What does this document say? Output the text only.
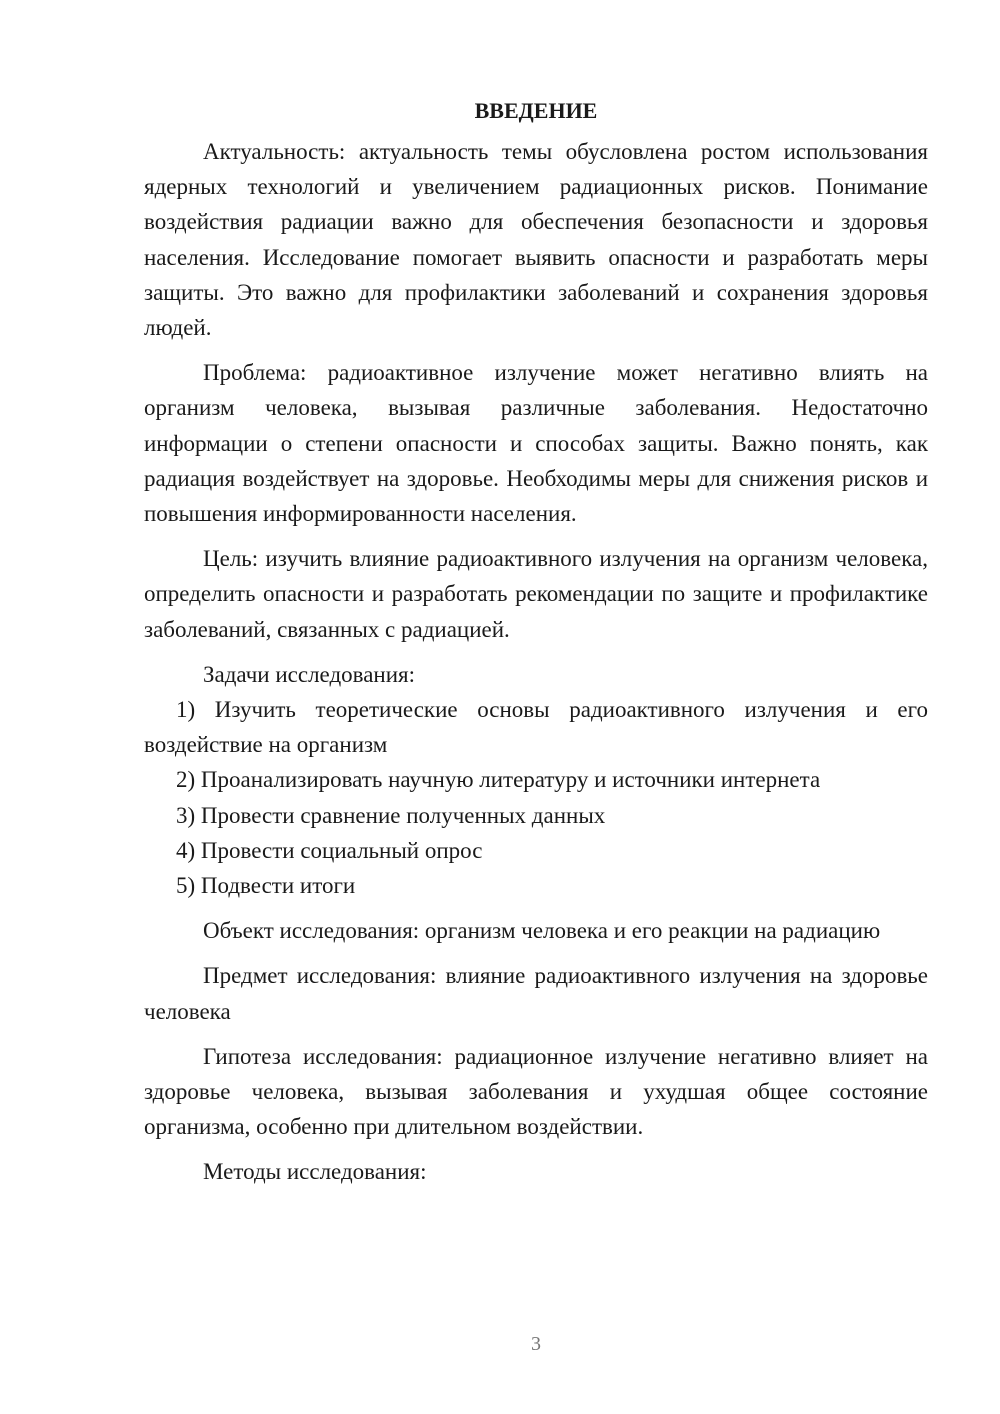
ВВЕДЕНИЕ

Актуальность: актуальность темы обусловлена ростом использования ядерных технологий и увеличением радиационных рисков. Понимание воздействия радиации важно для обеспечения безопасности и здоровья населения. Исследование помогает выявить опасности и разработать меры защиты. Это важно для профилактики заболеваний и сохранения здоровья людей.

Проблема: радиоактивное излучение может негативно влиять на организм человека, вызывая различные заболевания. Недостаточно информации о степени опасности и способах защиты. Важно понять, как радиация воздействует на здоровье. Необходимы меры для снижения рисков и повышения информированности населения.

Цель: изучить влияние радиоактивного излучения на организм человека, определить опасности и разработать рекомендации по защите и профилактике заболеваний, связанных с радиацией.

Задачи исследования:

1) Изучить теоретические основы радиоактивного излучения и его воздействие на организм

2) Проанализировать научную литературу и источники интернета

3) Провести сравнение полученных данных

4) Провести социальный опрос

5) Подвести итоги

Объект исследования: организм человека и его реакции на радиацию

Предмет исследования: влияние радиоактивного излучения на здоровье человека

Гипотеза исследования: радиационное излучение негативно влияет на здоровье человека, вызывая заболевания и ухудшая общее состояние организма, особенно при длительном воздействии.

Методы исследования:

3
